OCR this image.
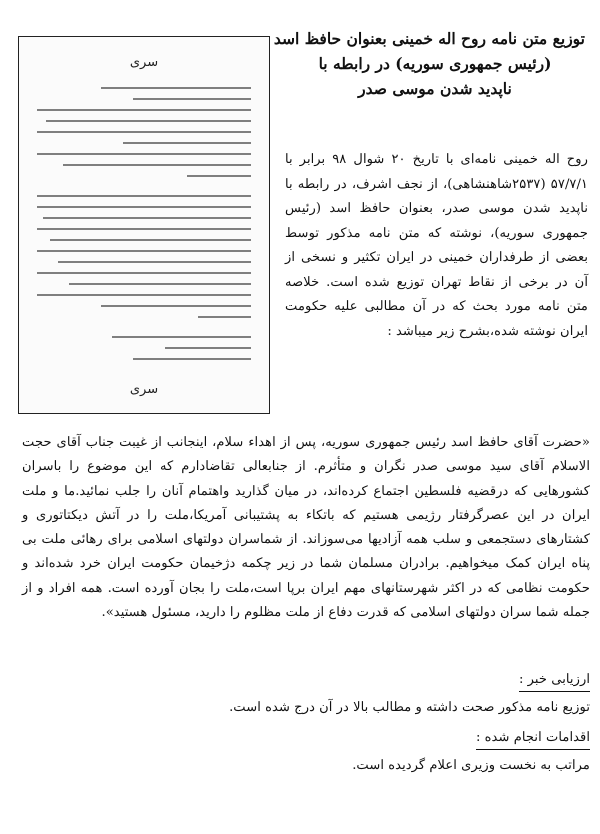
سری
سری
توزیع متن نامه روح اله خمینی بعنوان حافظ اسد
(رئیس جمهوری سوریه) در رابطه با
ناپدید شدن موسی صدر

روح اله خمینی نامه‌ای با تاریخ ۲۰ شوال ۹۸ برابر با ۵۷/۷/۱ (۲۵۳۷شاهنشاهی)، از نجف اشرف، در رابطه با ناپدید شدن موسی صدر، بعنوان حافظ اسد (رئیس جمهوری سوریه)، نوشته که متن نامه مذکور توسط بعضی از طرفداران خمینی در ایران تکثیر و نسخی از آن در برخی از نقاط تهران توزیع شده است. خلاصه متن نامه مورد بحث که در آن مطالبی علیه حکومت ایران نوشته شده،بشرح زیر میباشد :

«حضرت آقای حافظ اسد رئیس جمهوری سوریه، پس از اهداء سلام، اینجانب از غیبت جناب آقای حجت الاسلام آقای سید موسی صدر نگران و متأثرم. از جنابعالی تقاضادارم که این موضوع را باسران کشورهایی که درقضیه فلسطین اجتماع کرده‌اند، در میان گذارید واهتمام آنان را جلب نمائید.ما و ملت ایران در این عصرگرفتار رژیمی هستیم که باتکاء به پشتیبانی آمریکا،ملت را در آتش دیکتاتوری و کشتارهای دستجمعی و سلب همه آزادیها می‌سوزاند. از شماسران دولتهای اسلامی برای رهائی ملت بی پناه ایران کمک میخواهیم. برادران مسلمان شما در زیر چکمه دژخیمان حکومت ایران خرد شده‌اند و حکومت نظامی که در اکثر شهرستانهای مهم ایران برپا است،ملت را بجان آورده است. همه افراد و از جمله شما سران دولتهای اسلامی که قدرت دفاع از ملت مظلوم را دارید، مسئول هستید».

ارزیابی خبر :
توزیع نامه مذکور صحت داشته و مطالب بالا در آن درج شده است.
اقدامات انجام شده :
مراتب به نخست وزیری اعلام گردیده است.
